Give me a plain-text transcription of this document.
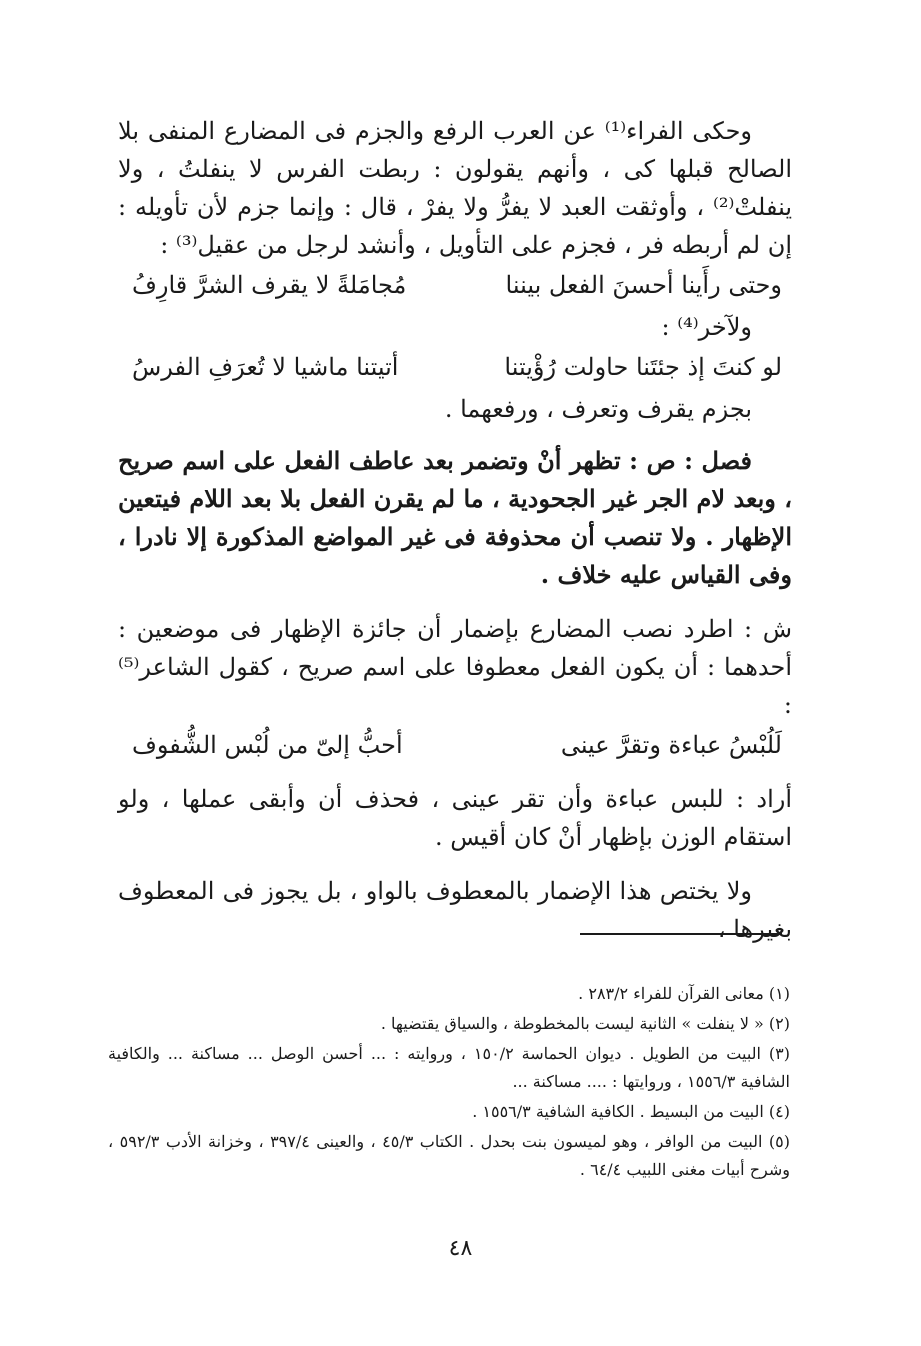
وحكى الفراء⁽¹⁾ عن العرب الرفع والجزم فى المضارع المنفى بلا الصالح قبلها كى ، وأنهم يقولون : ربطت الفرس لا ينفلتُ ، ولا ينفلتْ⁽²⁾ ، وأوثقت العبد لا يفرُّ ولا يفرْ ، قال : وإنما جزم لأن تأويله : إن لم أربطه فر ، فجزم على التأويل ، وأنشد لرجل من عقيل⁽³⁾ :

وحتى رأَينا أحسنَ الفعل بيننا
مُجامَلةً لا يقرف الشرَّ قارِفُ

ولآخر⁽⁴⁾ :

لو كنتَ إذ جئتَنا حاولت رُؤْيتنا
أتيتنا ماشيا لا تُعرَفِ الفرسُ

بجزم يقرف وتعرف ، ورفعهما .

فصل : ص : تظهر أنْ وتضمر بعد عاطف الفعل على اسم صريح ، وبعد لام الجر غير الجحودية ، ما لم يقرن الفعل بلا بعد اللام فيتعين الإظهار . ولا تنصب أن محذوفة فى غير المواضع المذكورة إلا نادرا ، وفى القياس عليه خلاف .

ش : اطرد نصب المضارع بإضمار أن جائزة الإظهار فى موضعين : أحدهما : أن يكون الفعل معطوفا على اسم صريح ، كقول الشاعر⁽⁵⁾ :

لَلُبْسُ عباءة وتقرَّ عينى
أحبُّ إلىّ من لُبْس الشُّفوف

أراد : للبس عباءة وأن تقر عينى ، فحذف أن وأبقى عملها ، ولو استقام الوزن بإظهار أنْ كان أقيس .

ولا يختص هذا الإضمار بالمعطوف بالواو ، بل يجوز فى المعطوف بغيرها ،

(١) معانى القرآن للفراء ٢٨٣/٢ .

(٢) « لا ينفلت » الثانية ليست بالمخطوطة ، والسياق يقتضيها .

(٣) البيت من الطويل . ديوان الحماسة ١٥٠/٢ ، وروايته : ... أحسن الوصل ... مساكنة ... والكافية الشافية ١٥٥٦/٣ ، وروايتها : .... مساكنة ...

(٤) البيت من البسيط . الكافية الشافية ١٥٥٦/٣ .

(٥) البيت من الوافر ، وهو لميسون بنت بحدل . الكتاب ٤٥/٣ ، والعينى ٣٩٧/٤ ، وخزانة الأدب ٥٩٢/٣ ، وشرح أبيات مغنى اللبيب ٦٤/٤ .

٤٨
